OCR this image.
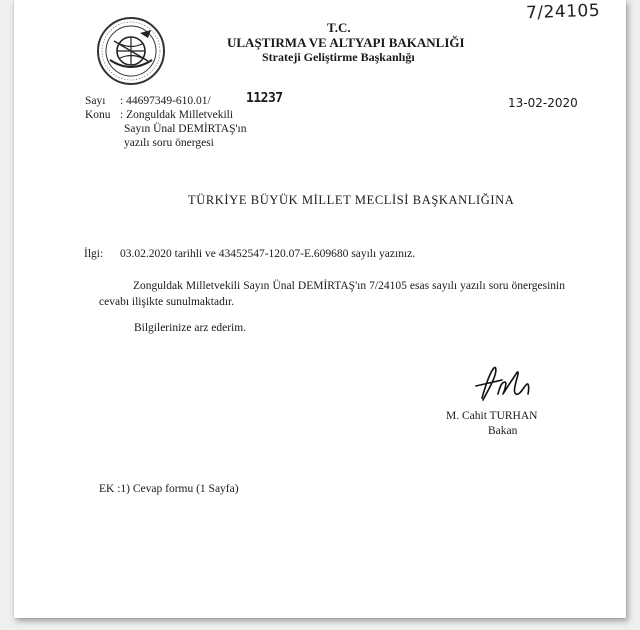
7/24105
T.C.
ULAŞTIRMA VE ALTYAPI BAKANLIĞI
Strateji Geliştirme Başkanlığı
Sayı : 44697349-610.01/	11237	13-02-2020
Konu : Zonguldak Milletvekili
Sayın Ünal DEMİRTAŞ'ın
yazılı soru önergesi
TÜRKİYE BÜYÜK MİLLET MECLİSİ BAŞKANLIĞINA
İlgi: 03.02.2020 tarihli ve 43452547-120.07-E.609680 sayılı yazınız.
Zonguldak Milletvekili Sayın Ünal DEMİRTAŞ'ın 7/24105 esas sayılı yazılı soru önergesinin cevabı ilişikte sunulmaktadır.
Bilgilerinize arz ederim.
M. Cahit TURHAN
Bakan
EK :1) Cevap formu (1 Sayfa)
